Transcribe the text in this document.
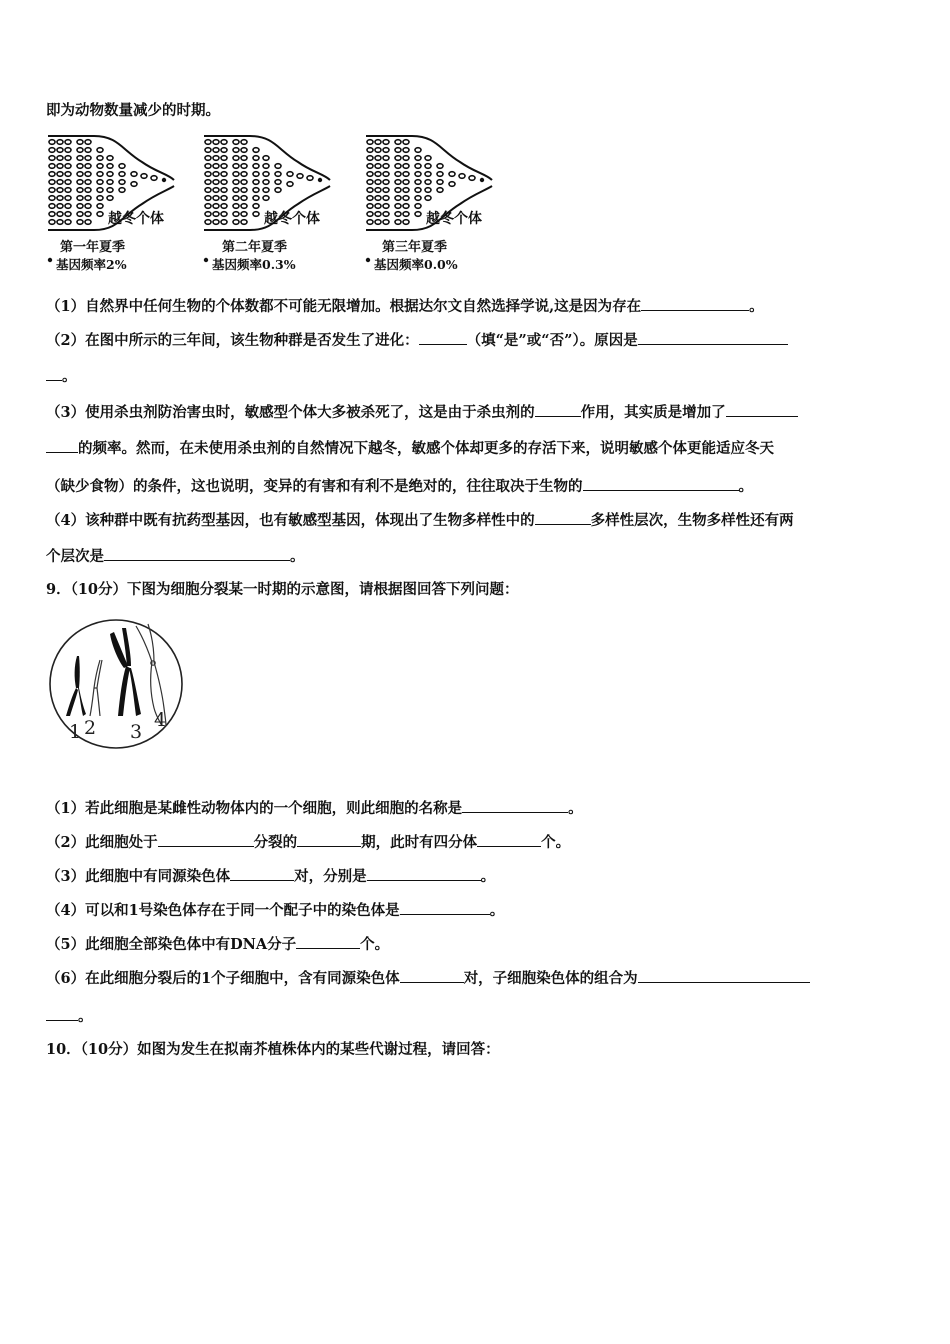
即为动物数量减少的时期。
越冬个体
第一年夏季
基因频率2%
越冬个体
第二年夏季
基因频率0.3%
越冬个体
第三年夏季
基因频率0.0%
（1）自然界中任何生物的个体数都不可能无限增加。根据达尔文自然选择学说,这是因为存在	。
（2）在图中所示的三年间，该生物种群是否发生了进化：	（填“是”或“否”）。原因是
。
（3）使用杀虫剂防治害虫时，敏感型个体大多被杀死了，这是由于杀虫剂的	作用，其实质是增加了
的频率。然而，在未使用杀虫剂的自然情况下越冬，敏感个体却更多的存活下来，说明敏感个体更能适应冬天
（缺少食物）的条件，这也说明，变异的有害和有利不是绝对的，往往取决于生物的	。
（4）该种群中既有抗药型基因，也有敏感型基因，体现出了生物多样性中的	多样性层次，生物多样性还有两
个层次是	。
9．（10分）下图为细胞分裂某一时期的示意图，请根据图回答下列问题：
1 2 3
4
（1）若此细胞是某雌性动物体内的一个细胞，则此细胞的名称是	。
（2）此细胞处于	分裂的	期，此时有四分体	个。
（3）此细胞中有同源染色体	对，分别是	。
（4）可以和1号染色体存在于同一个配子中的染色体是	。
（5）此细胞全部染色体中有DNA分子	个。
（6）在此细胞分裂后的1个子细胞中，含有同源染色体	对，子细胞染色体的组合为
。
10．（10分）如图为发生在拟南芥植株体内的某些代谢过程，请回答：
